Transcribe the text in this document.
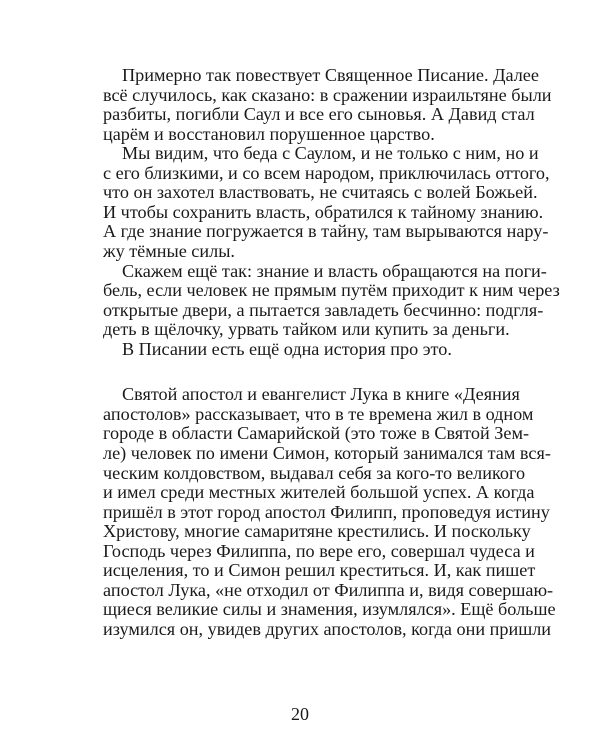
Примерно так повествует Священное Писание. Далее
всё случилось, как сказано: в сражении израильтяне были
разбиты, погибли Саул и все его сыновья. А Давид стал
царём и восстановил порушенное царство.
Мы видим, что беда с Саулом, и не только с ним, но и
с его близкими, и со всем народом, приключилась оттого,
что он захотел властвовать, не считаясь с волей Божьей.
И чтобы сохранить власть, обратился к тайному знанию.
А где знание погружается в тайну, там вырываются нару-
жу тёмные силы.
Скажем ещё так: знание и власть обращаются на поги-
бель, если человек не прямым путём приходит к ним через
открытые двери, а пытается завладеть бесчинно: подгля-
деть в щёлочку, урвать тайком или купить за деньги.
В Писании есть ещё одна история про это.
Святой апостол и евангелист Лука в книге «Деяния
апостолов» рассказывает, что в те времена жил в одном
городе в области Самарийской (это тоже в Святой Зем-
ле) человек по имени Симон, который занимался там вся-
ческим колдовством, выдавал себя за кого-то великого
и имел среди местных жителей большой успех. А когда
пришёл в этот город апостол Филипп, проповедуя истину
Христову, многие самаритяне крестились. И поскольку
Господь через Филиппа, по вере его, совершал чудеса и
исцеления, то и Симон решил креститься. И, как пишет
апостол Лука, «не отходил от Филиппа и, видя совершаю-
щиеся великие силы и знамения, изумлялся». Ещё больше
изумился он, увидев других апостолов, когда они пришли
20
